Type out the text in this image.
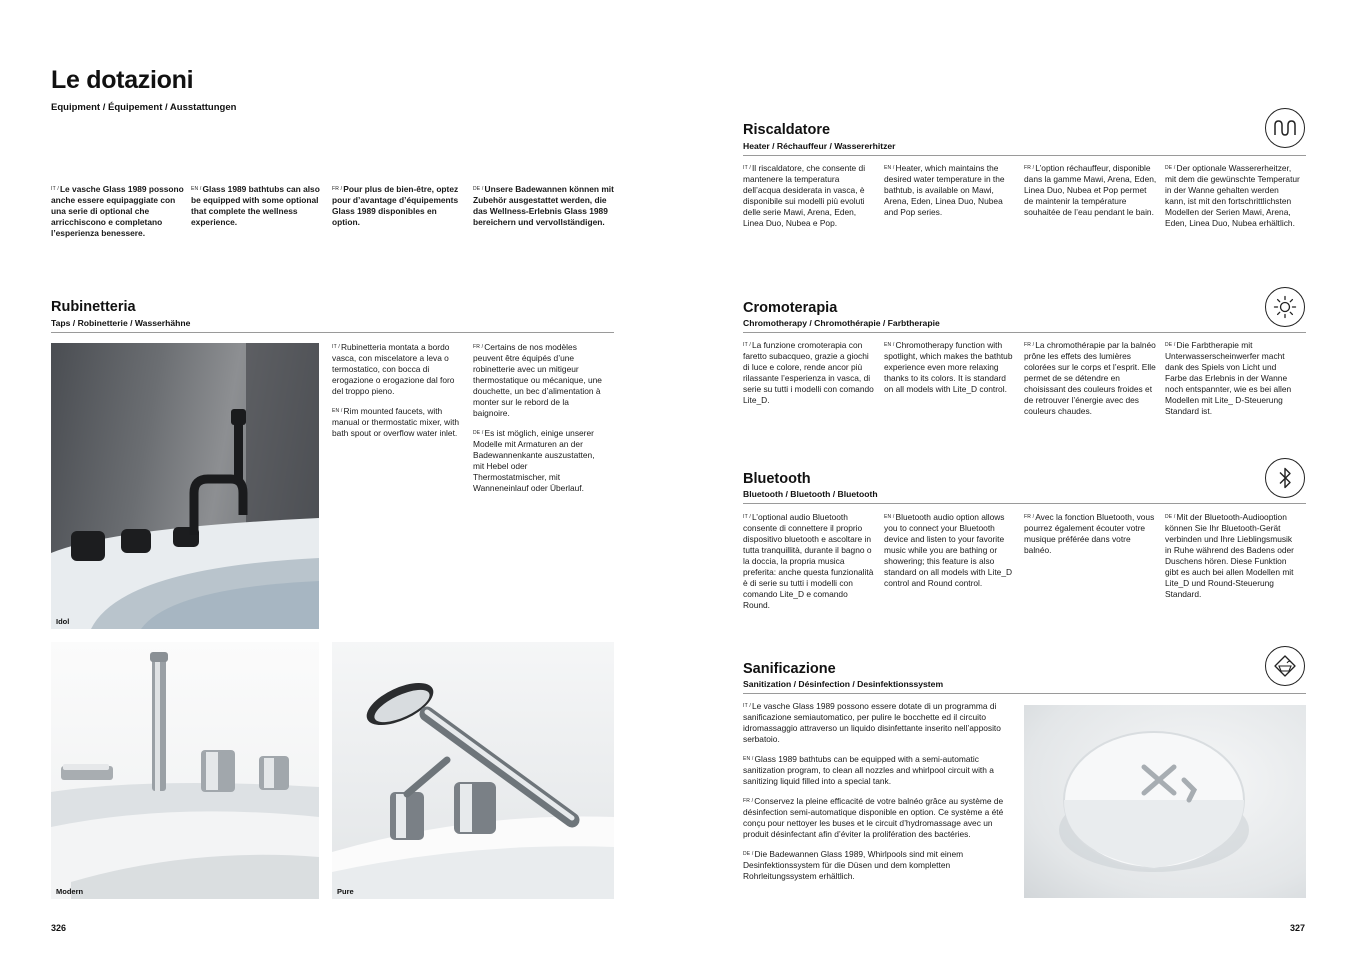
Le dotazioni
Equipment / Équipement / Ausstattungen
$^{IT /}$Le vasche Glass 1989 possono anche essere equipaggiate con una serie di optional che arricchiscono e completano l’esperienza benessere.
$^{EN /}$Glass 1989 bathtubs can also be equipped with some optional that complete the wellness experience.
$^{FR /}$Pour plus de bien-être, optez pour d’avantage d’équipements Glass 1989 disponibles en option.
$^{DE /}$Unsere Badewannen können mit Zubehör ausgestattet werden, die das Wellness-Erlebnis Glass 1989 bereichern und vervollständigen.
Rubinetteria
Taps / Robinetterie / Wasserhähne
Idol
$^{IT /}$Rubinetteria montata a bordo vasca, con miscelatore a leva o termostatico, con bocca di erogazione o erogazione dal foro del troppo pieno.
$^{EN /}$Rim mounted faucets, with manual or thermostatic mixer, with bath spout or overflow water inlet.
$^{FR /}$Certains de nos modèles peuvent être équipés d’une robinetterie avec un mitigeur thermostatique ou mécanique, une douchette, un bec d’alimentation à monter sur le rebord de la baignoire.
$^{DE /}$Es ist möglich, einige unserer Modelle mit Armaturen an der Badewannenkante auszustatten, mit Hebel oder Thermostatmischer, mit Wanneneinlauf oder Überlauf.
Modern	Pure
326
Riscaldatore
Heater / Réchauffeur / Wassererhitzer
$^{IT /}$Il riscaldatore, che consente di mantenere la temperatura dell’acqua desiderata in vasca, è disponibile sui modelli più evoluti delle serie Mawi, Arena, Eden, Linea Duo, Nubea e Pop.
$^{EN /}$Heater, which maintains the desired water temperature in the bathtub, is available on Mawi, Arena, Eden, Linea Duo, Nubea and Pop series.
$^{FR /}$L’option réchauffeur, disponible dans la gamme Mawi, Arena, Eden, Linea Duo, Nubea et Pop permet de maintenir la température souhaitée de l’eau pendant le bain.
$^{DE /}$Der optionale Wassererheitzer, mit dem die gewünschte Temperatur in der Wanne gehalten werden kann, ist mit den fortschrittlichsten Modellen der Serien Mawi, Arena, Eden, Linea Duo, Nubea erhältlich.
Cromoterapia
Chromotherapy / Chromothérapie / Farbtherapie
$^{IT /}$La funzione cromoterapia con faretto subacqueo, grazie a giochi di luce e colore, rende ancor più rilassante l’esperienza in vasca, di serie su tutti i modelli con comando Lite_D.
$^{EN /}$Chromotherapy function with spotlight, which makes the bathtub experience even more relaxing thanks to its colors. It is standard on all models with Lite_D control.
$^{FR /}$La chromothérapie par la balnéo prône les effets des lumières colorées sur le corps et l’esprit. Elle permet de se détendre en choisissant des couleurs froides et de retrouver l’énergie avec des couleurs chaudes.
$^{DE /}$Die Farbtherapie mit Unterwasserscheinwerfer macht dank des Spiels von Licht und Farbe das Erlebnis in der Wanne noch entspannter, wie es bei allen Modellen mit Lite_ D-Steuerung Standard ist.
Bluetooth
Bluetooth / Bluetooth / Bluetooth
$^{IT /}$L’optional audio Bluetooth consente di connettere il proprio dispositivo bluetooth e ascoltare in tutta tranquillità, durante il bagno o la doccia, la propria musica preferita: anche questa funzionalità è di serie su tutti i modelli con comando Lite_D e comando Round.
$^{EN /}$Bluetooth audio option allows you to connect your Bluetooth device and listen to your favorite music while you are bathing or showering; this feature is also standard on all models with Lite_D control and Round control.
$^{FR /}$Avec la fonction Bluetooth, vous pourrez également écouter votre musique préférée dans votre balnéo.
$^{DE /}$Mit der Bluetooth-Audiooption können Sie Ihr Bluetooth-Gerät verbinden und Ihre Lieblingsmusik in Ruhe während des Badens oder Duschens hören. Diese Funktion gibt es auch bei allen Modellen mit Lite_D und Round-Steuerung Standard.
Sanificazione
Sanitization / Désinfection / Desinfektionssystem
$^{IT /}$Le vasche Glass 1989 possono essere dotate di un programma di sanificazione semiautomatico, per pulire le bocchette ed il circuito idromassaggio attraverso un liquido disinfettante inserito nell’apposito serbatoio.
$^{EN /}$Glass 1989 bathtubs can be equipped with a semi-automatic sanitization program, to clean all nozzles and whirlpool circuit with a sanitizing liquid filled into a special tank.
$^{FR /}$Conservez la pleine efficacité de votre balnéo grâce au système de désinfection semi-automatique disponible en option. Ce système a été conçu pour nettoyer les buses et le circuit d’hydromassage avec un produit désinfectant afin d’éviter la prolifération des bactéries.
$^{DE /}$Die Badewannen Glass 1989, Whirlpools sind mit einem Desinfektionssystem für die Düsen und dem kompletten Rohrleitungssystem erhältlich.
327
